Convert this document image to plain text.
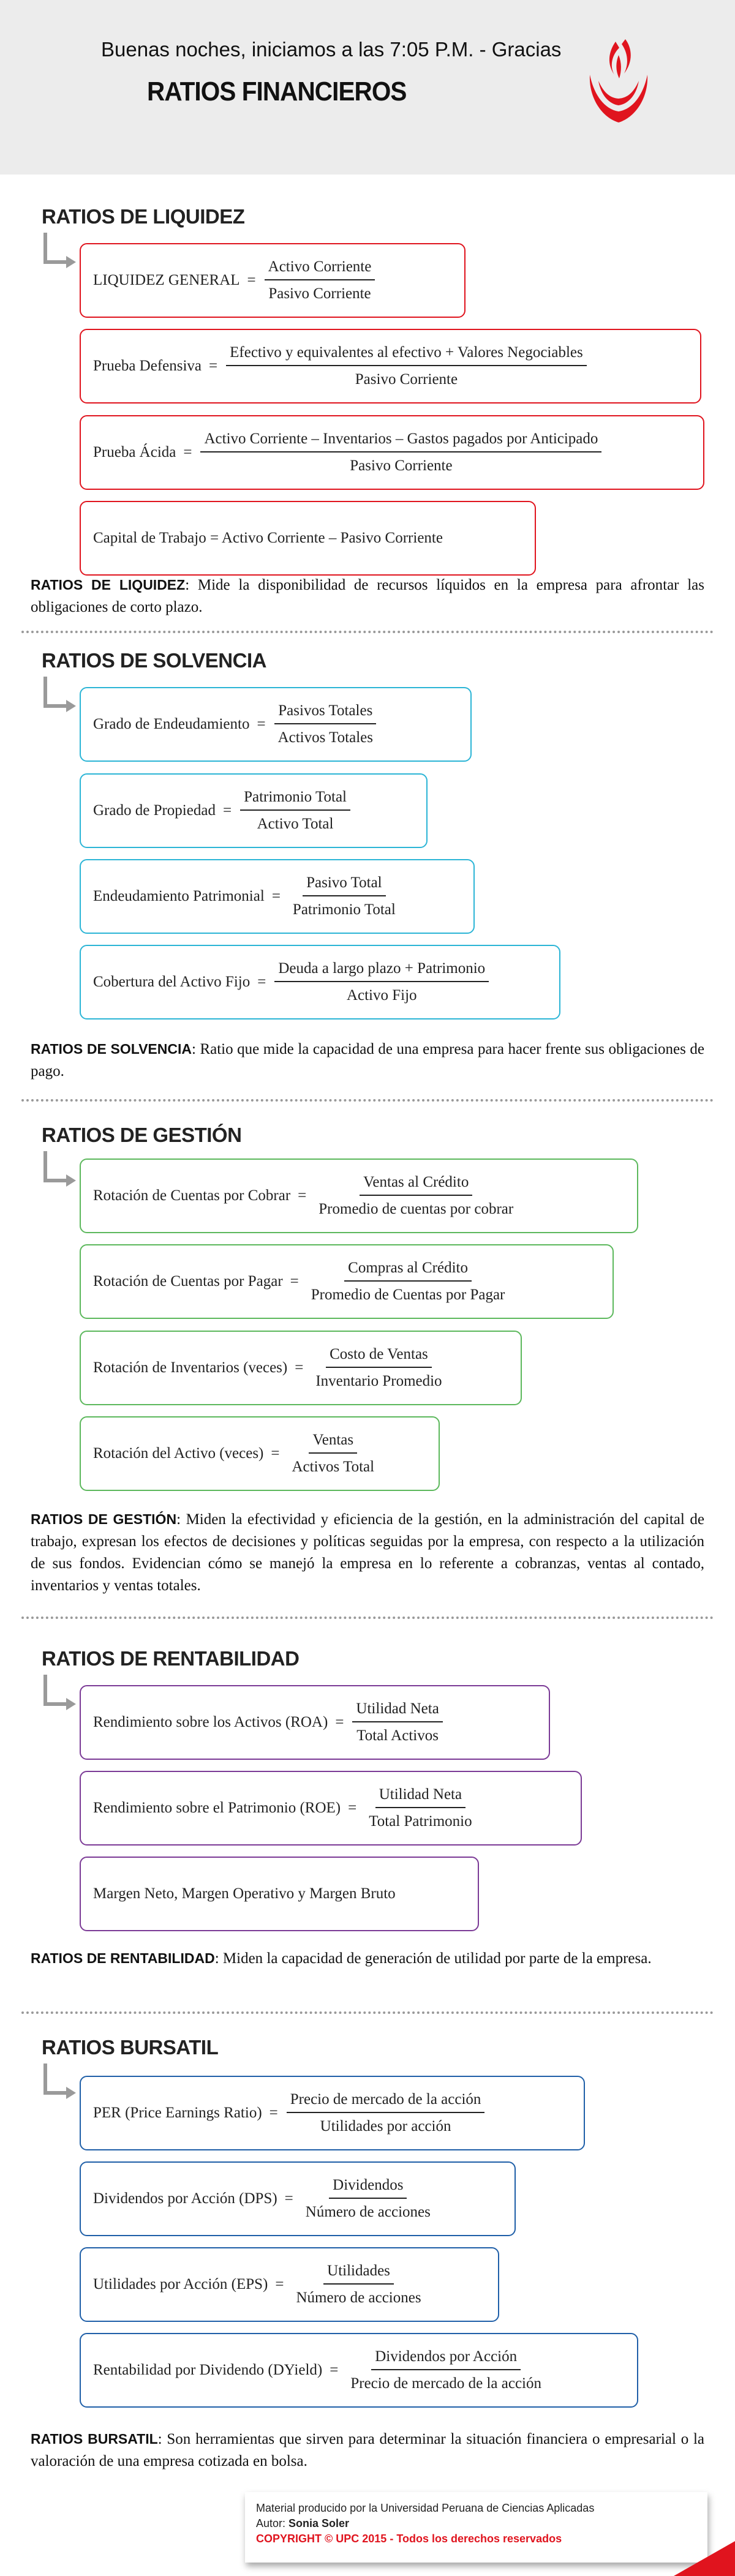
Buenas noches, iniciamos a las 7:05 P.M. - Gracias
RATIOS FINANCIEROS
RATIOS DE LIQUIDEZ
LIQUIDEZ GENERAL = $\frac{\text{Activo Corriente}}{\text{Pasivo Corriente}}$
Prueba Defensiva = $\frac{\text{Efectivo y equivalentes al efectivo + Valores Negociables}}{\text{Pasivo Corriente}}$
Prueba Ácida =
Activo Corriente – Inventarios – Gastos pagados por Anticipado
Pasivo Corriente
Capital de Trabajo = Activo Corriente – Pasivo Corriente
RATIOS DE LIQUIDEZ: Mide la disponibilidad de recursos líquidos en la empresa para afrontar las obligaciones de corto plazo.
RATIOS DE SOLVENCIA
Grado de Endeudamiento = $\frac{\text{Pasivos Totales}}{\text{Activos Totales}}$
Grado de Propiedad = $\frac{\text{Patrimonio Total}}{\text{Activo Total}}$
Endeudamiento Patrimonial = $\frac{\text{Pasivo Total}}{\text{Patrimonio Total}}$
Cobertura del Activo Fijo = $\frac{\text{Deuda a largo plazo + Patrimonio}}{\text{Activo Fijo}}$
RATIOS DE SOLVENCIA: Ratio que mide la capacidad de una empresa para hacer frente sus obligaciones de pago.
RATIOS DE GESTIÓN
Rotación de Cuentas por Cobrar = $\frac{\text{Ventas al Crédito}}{\text{Promedio de cuentas por cobrar}}$
Rotación de Cuentas por Pagar = $\frac{\text{Compras al Crédito}}{\text{Promedio de Cuentas por Pagar}}$
Rotación de Inventarios (veces) = $\frac{\text{Costo de Ventas}}{\text{Inventario Promedio}}$
Rotación del Activo (veces) = $\frac{\text{Ventas}}{\text{Activos Total}}$
RATIOS DE GESTIÓN: Miden la efectividad y eficiencia de la gestión, en la administración del capital de trabajo, expresan los efectos de decisiones y políticas seguidas por la empresa, con respecto a la utilización de sus fondos. Evidencian cómo se manejó la empresa en lo referente a cobranzas, ventas al contado, inventarios y ventas totales.
RATIOS DE RENTABILIDAD
Rendimiento sobre los Activos $(ROA) = \frac{\text{Utilidad Neta}}{\text{Total Activos}}$
Rendimiento sobre el Patrimonio $(ROE) = \frac{\text{Utilidad Neta}}{\text{Total Patrimonio}}$
Margen Neto, Margen Operativo y Margen Bruto
RATIOS DE RENTABILIDAD: Miden la capacidad de generación de utilidad por parte de la empresa.
RATIOS BURSATIL
PER (Price Earnings Ratio) = $\frac{\text{Precio de mercado de la acción}}{\text{Utilidades por acción}}$
Dividendos por Acción $(DPS) = \frac{\text{Dividendos}}{\text{Número de acciones}}$
Utilidades por Acción $(EPS) = \frac{\text{Utilidades}}{\text{Número de acciones}}$
Rentabilidad por Dividendo (DYield) = $\frac{\text{Dividendos por Acción}}{\text{Precio de mercado de la acción}}$
RATIOS BURSATIL: Son herramientas que sirven para determinar la situación financiera o empresarial o la valoración de una empresa cotizada en bolsa.
Material producido por la Universidad Peruana de Ciencias Aplicadas
Autor: Sonia Soler
COPYRIGHT © UPC 2015 - Todos los derechos reservados
